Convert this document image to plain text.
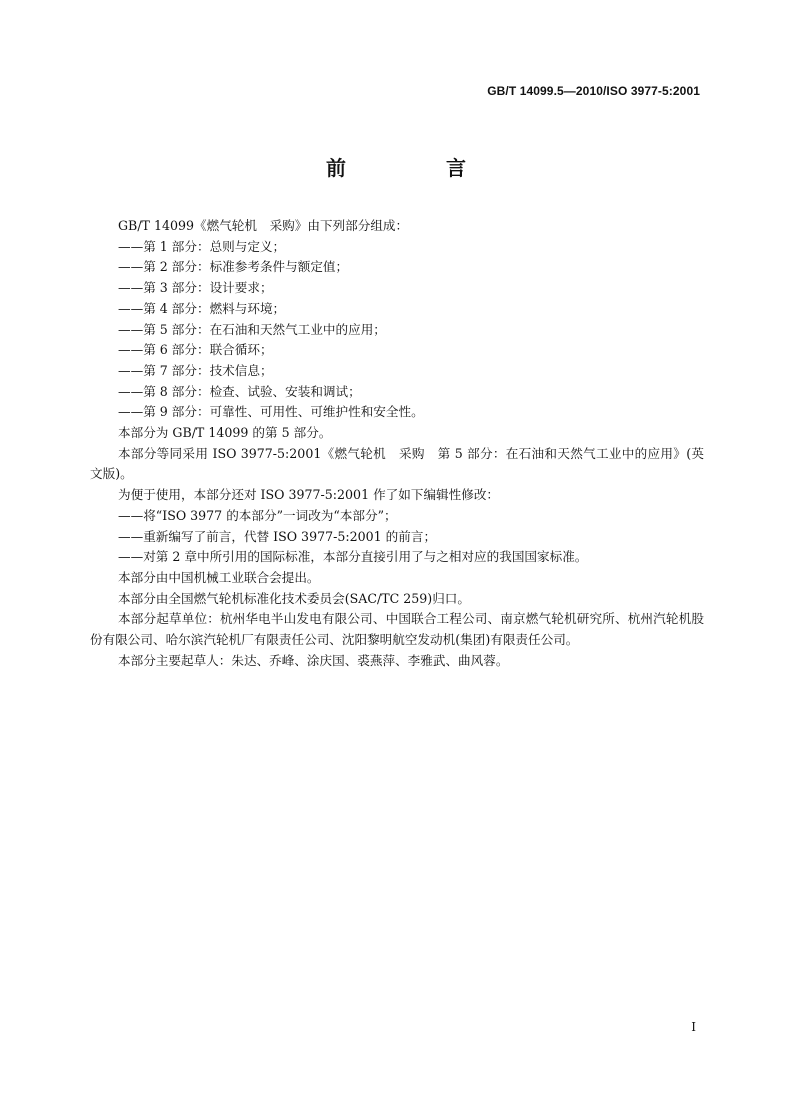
GB/T 14099.5—2010/ISO 3977-5:2001
前　言

GB/T 14099《燃气轮机　采购》由下列部分组成：

——第 1 部分：总则与定义；

——第 2 部分：标准参考条件与额定值；

——第 3 部分：设计要求；

——第 4 部分：燃料与环境；

——第 5 部分：在石油和天然气工业中的应用；

——第 6 部分：联合循环；

——第 7 部分：技术信息；

——第 8 部分：检查、试验、安装和调试；

——第 9 部分：可靠性、可用性、可维护性和安全性。

本部分为 GB/T 14099 的第 5 部分。

本部分等同采用 ISO 3977-5:2001《燃气轮机　采购　第 5 部分：在石油和天然气工业中的应用》(英文版)。

为便于使用，本部分还对 ISO 3977-5:2001 作了如下编辑性修改：

——将“ISO 3977 的本部分”一词改为“本部分”；

——重新编写了前言，代替 ISO 3977-5:2001 的前言；

——对第 2 章中所引用的国际标准，本部分直接引用了与之相对应的我国国家标准。

本部分由中国机械工业联合会提出。

本部分由全国燃气轮机标准化技术委员会(SAC/TC 259)归口。

本部分起草单位：杭州华电半山发电有限公司、中国联合工程公司、南京燃气轮机研究所、杭州汽轮机股份有限公司、哈尔滨汽轮机厂有限责任公司、沈阳黎明航空发动机(集团)有限责任公司。

本部分主要起草人：朱达、乔峰、涂庆国、裘燕萍、李雅武、曲风蓉。

I
